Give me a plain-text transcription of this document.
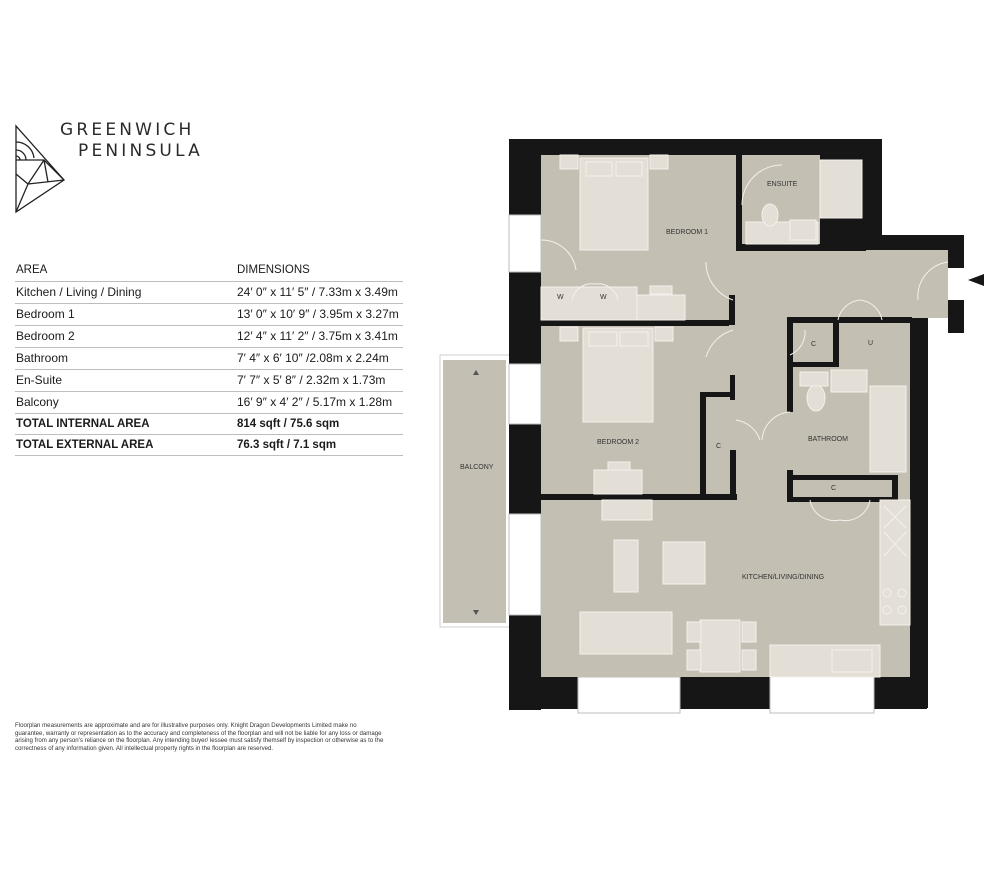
GREENWICH
PENINSULA
AREA	DIMENSIONS
Kitchen / Living / Dining	24′ 0″ x 11′ 5″ / 7.33m x 3.49m
Bedroom 1	13′ 0″ x 10′ 9″ / 3.95m x 3.27m
Bedroom 2	12′ 4″ x 11′ 2″ / 3.75m x 3.41m
Bathroom	7′ 4″ x 6′ 10″ /2.08m x 2.24m
En-Suite	7′ 7″ x 5′ 8″ / 2.32m x 1.73m
Balcony	16′ 9″ x 4′ 2″ / 5.17m x 1.28m
TOTAL INTERNAL AREA	814 sqft / 75.6 sqm
TOTAL EXTERNAL AREA	76.3 sqft / 7.1 sqm
ENSUITE
BEDROOM 1
BEDROOM 2	BATHROOM
KITCHEN/LIVING/DINING
BALCONY
W	W
C	U
C
C
Floorplan measurements are approximate and are for illustrative purposes only. Knight Dragon Developments Limited make no guarantee, warranty or representation as to the accuracy and completeness of the floorplan and will not be liable for any loss or damage arising from any person's reliance on the floorplan. Any intending buyer/ lessee must satisfy themself by inspection or otherwise as to the correctness of any information given. All intellectual property rights in the floorplan are reserved.
